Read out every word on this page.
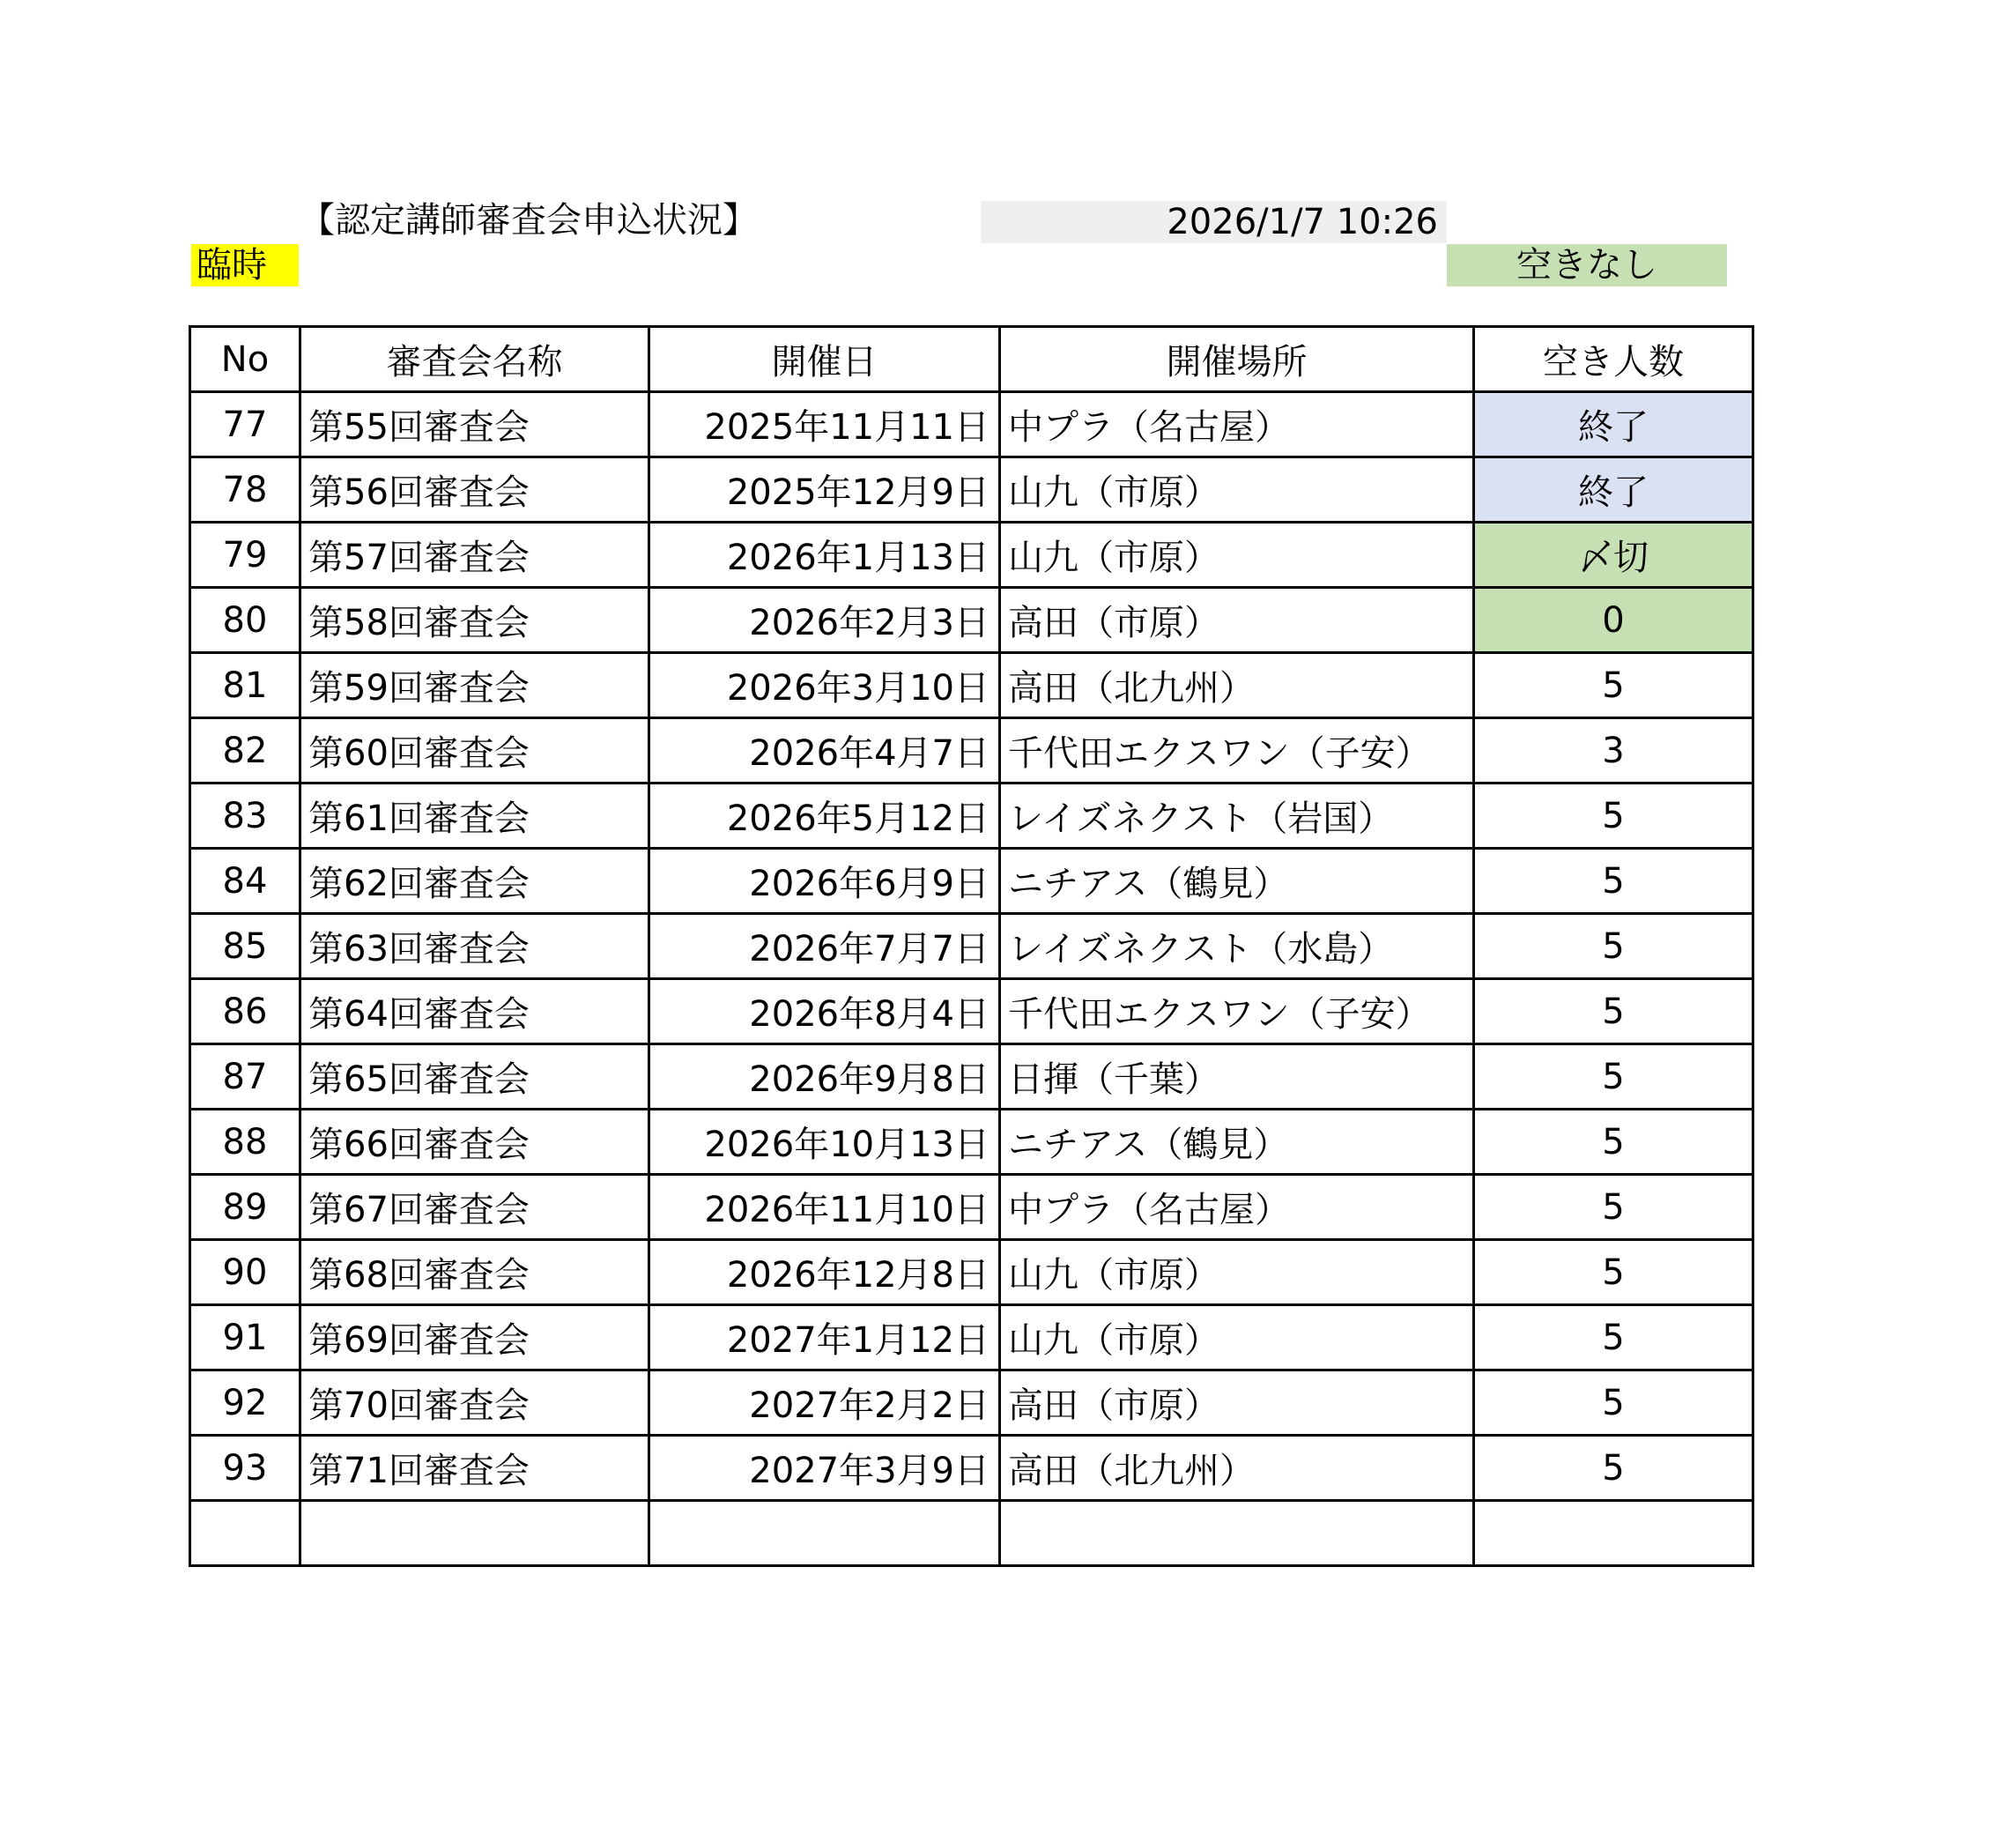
【認定講師審査会申込状況】	2026/1/7 10:26
臨時	空きなし
No	審査会名称	開催日	開催場所	空き人数
77	第55回審査会	2025年11月11日	中プラ（名古屋）	終了
78	第56回審査会	2025年12月9日	山九（市原）	終了
79	第57回審査会	2026年1月13日	山九（市原）	〆切
80	第58回審査会	2026年2月3日	高田（市原）	0
81	第59回審査会	2026年3月10日	高田（北九州）	5
82	第60回審査会	2026年4月7日	千代田エクスワン（子安）	3
83	第61回審査会	2026年5月12日	レイズネクスト（岩国）	5
84	第62回審査会	2026年6月9日	ニチアス（鶴見）	5
85	第63回審査会	2026年7月7日	レイズネクスト（水島）	5
86	第64回審査会	2026年8月4日	千代田エクスワン（子安）	5
87	第65回審査会	2026年9月8日	日揮（千葉）	5
88	第66回審査会	2026年10月13日	ニチアス（鶴見）	5
89	第67回審査会	2026年11月10日	中プラ（名古屋）	5
90	第68回審査会	2026年12月8日	山九（市原）	5
91	第69回審査会	2027年1月12日	山九（市原）	5
92	第70回審査会	2027年2月2日	高田（市原）	5
93	第71回審査会	2027年3月9日	高田（北九州）	5
